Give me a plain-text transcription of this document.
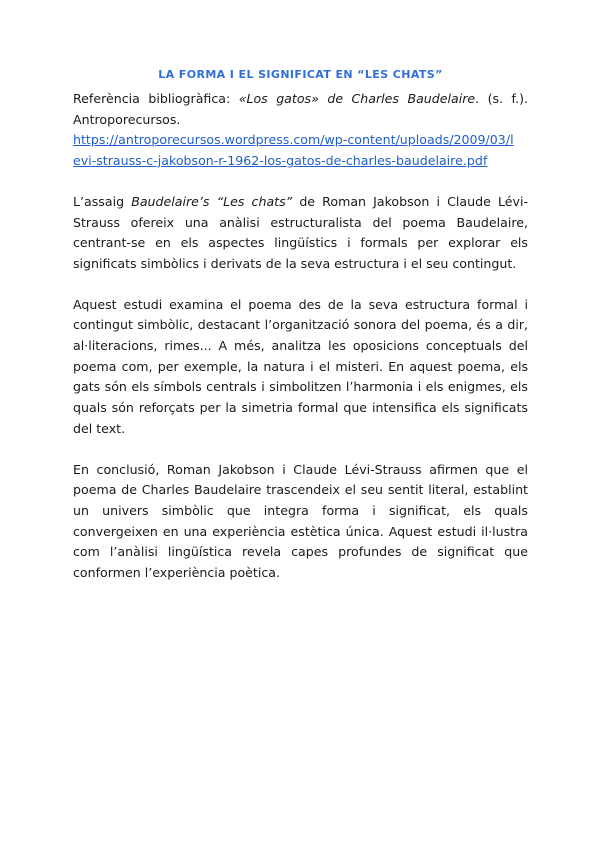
LA FORMA I EL SIGNIFICAT EN “LES CHATS”

Referència bibliogràfica: «Los gatos» de Charles Baudelaire. (s. f.). Antroporecursos.
https://antroporecursos.wordpress.com/wp-content/uploads/2009/03/l
evi-strauss-c-jakobson-r-1962-los-gatos-de-charles-baudelaire.pdf

L’assaig Baudelaire’s “Les chats” de Roman Jakobson i Claude Lévi-Strauss ofereix una anàlisi estructuralista del poema Baudelaire, centrant-se en els aspectes lingüístics i formals per explorar els significats simbòlics i derivats de la seva estructura i el seu contingut.

Aquest estudi examina el poema des de la seva estructura formal i contingut simbòlic, destacant l’organització sonora del poema, és a dir, al·literacions, rimes... A més, analitza les oposicions conceptuals del poema com, per exemple, la natura i el misteri. En aquest poema, els gats són els símbols centrals i simbolitzen l’harmonia i els enigmes, els quals són reforçats per la simetria formal que intensifica els significats del text.

En conclusió, Roman Jakobson i Claude Lévi-Strauss afirmen que el poema de Charles Baudelaire trascendeix el seu sentit literal, establint un univers simbòlic que integra forma i significat, els quals convergeixen en una experiència estètica única. Aquest estudi il·lustra com l’anàlisi lingüística revela capes profundes de significat que conformen l’experiència poètica.
